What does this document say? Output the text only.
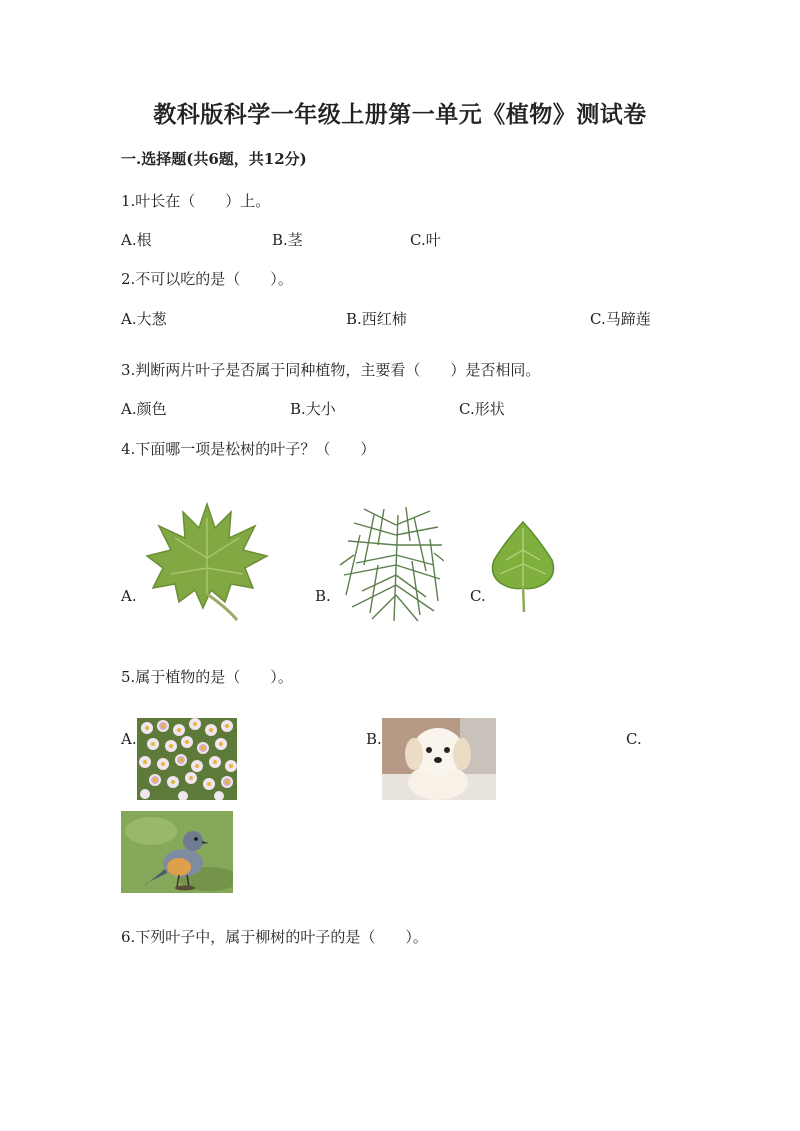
教科版科学一年级上册第一单元《植物》测试卷
一.选择题(共6题，共12分)
1.叶长在（　　）上。
A.根	B.茎	C.叶
2.不可以吃的是（　　）。
A.大葱	B.西红柿	C.马蹄莲
3.判断两片叶子是否属于同种植物，主要看（　　）是否相同。
A.颜色	B.大小	C.形状
4.下面哪一项是松树的叶子？（　　）
A.	B.	C.
5.属于植物的是（　　）。
A.	B.	C.
6.下列叶子中，属于柳树的叶子的是（　　）。
